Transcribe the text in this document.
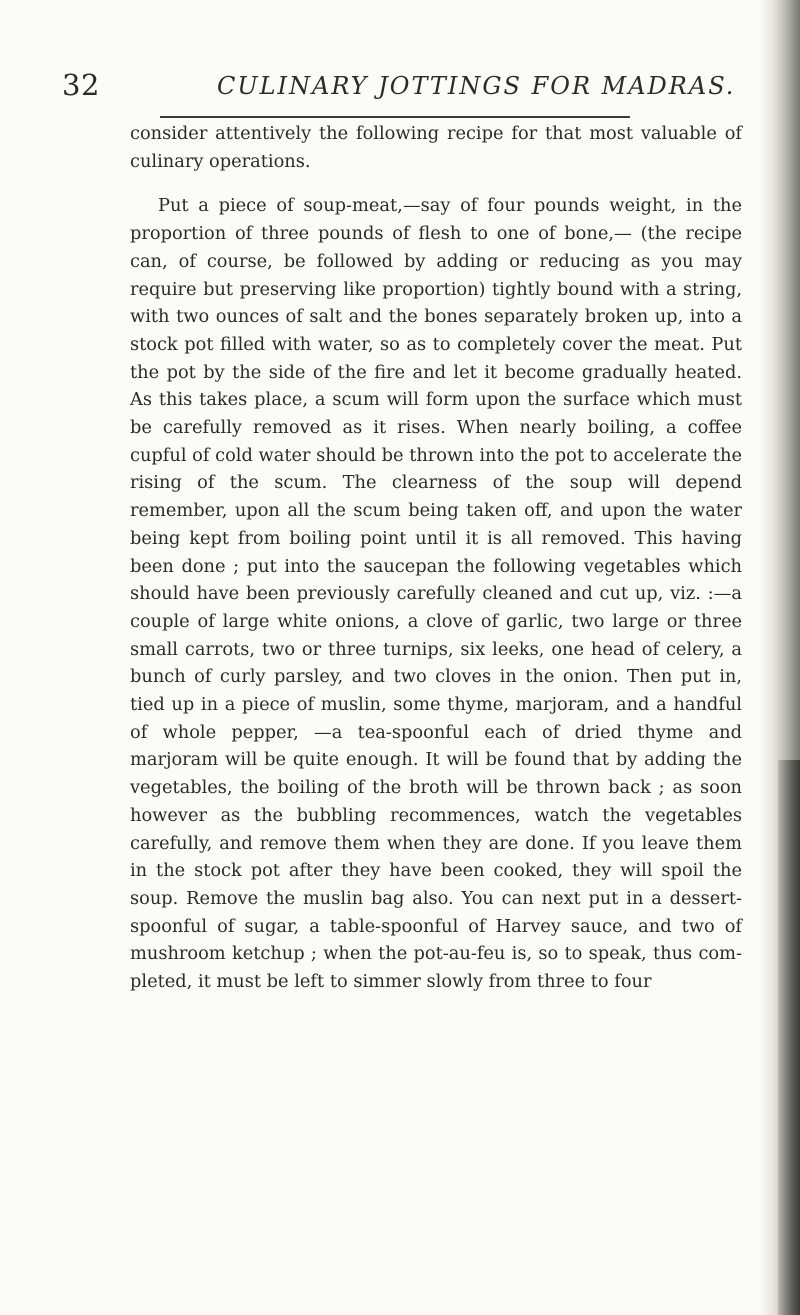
32	CULINARY JOTTINGS FOR MADRAS.

consider attentively the following recipe for that most valuable of culinary operations.

Put a piece of soup-meat,—say of four pounds weight, in the proportion of three pounds of flesh to one of bone,— (the recipe can, of course, be followed by adding or reducing as you may require but preserving like proportion) tightly bound with a string, with two ounces of salt and the bones separately broken up, into a stock pot filled with water, so as to completely cover the meat. Put the pot by the side of the fire and let it become gradually heated. As this takes place, a scum will form upon the surface which must be carefully removed as it rises. When nearly boiling, a coffee cupful of cold water should be thrown into the pot to accelerate the rising of the scum. The clearness of the soup will depend remember, upon all the scum being taken off, and upon the water being kept from boiling point until it is all removed. This having been done ; put into the saucepan the following vegetables which should have been previously carefully cleaned and cut up, viz. :—a couple of large white onions, a clove of garlic, two large or three small carrots, two or three turnips, six leeks, one head of celery, a bunch of curly parsley, and two cloves in the onion. Then put in, tied up in a piece of muslin, some thyme, marjoram, and a handful of whole pepper, —a tea-spoonful each of dried thyme and marjoram will be quite enough. It will be found that by adding the vegetables, the boiling of the broth will be thrown back ; as soon however as the bubbling recommences, watch the vegetables carefully, and remove them when they are done. If you leave them in the stock pot after they have been cooked, they will spoil the soup. Remove the muslin bag also. You can next put in a dessert-spoonful of sugar, a table-spoonful of Harvey sauce, and two of mushroom ketchup ; when the pot-au-feu is, so to speak, thus com- pleted, it must be left to simmer slowly from three to four
